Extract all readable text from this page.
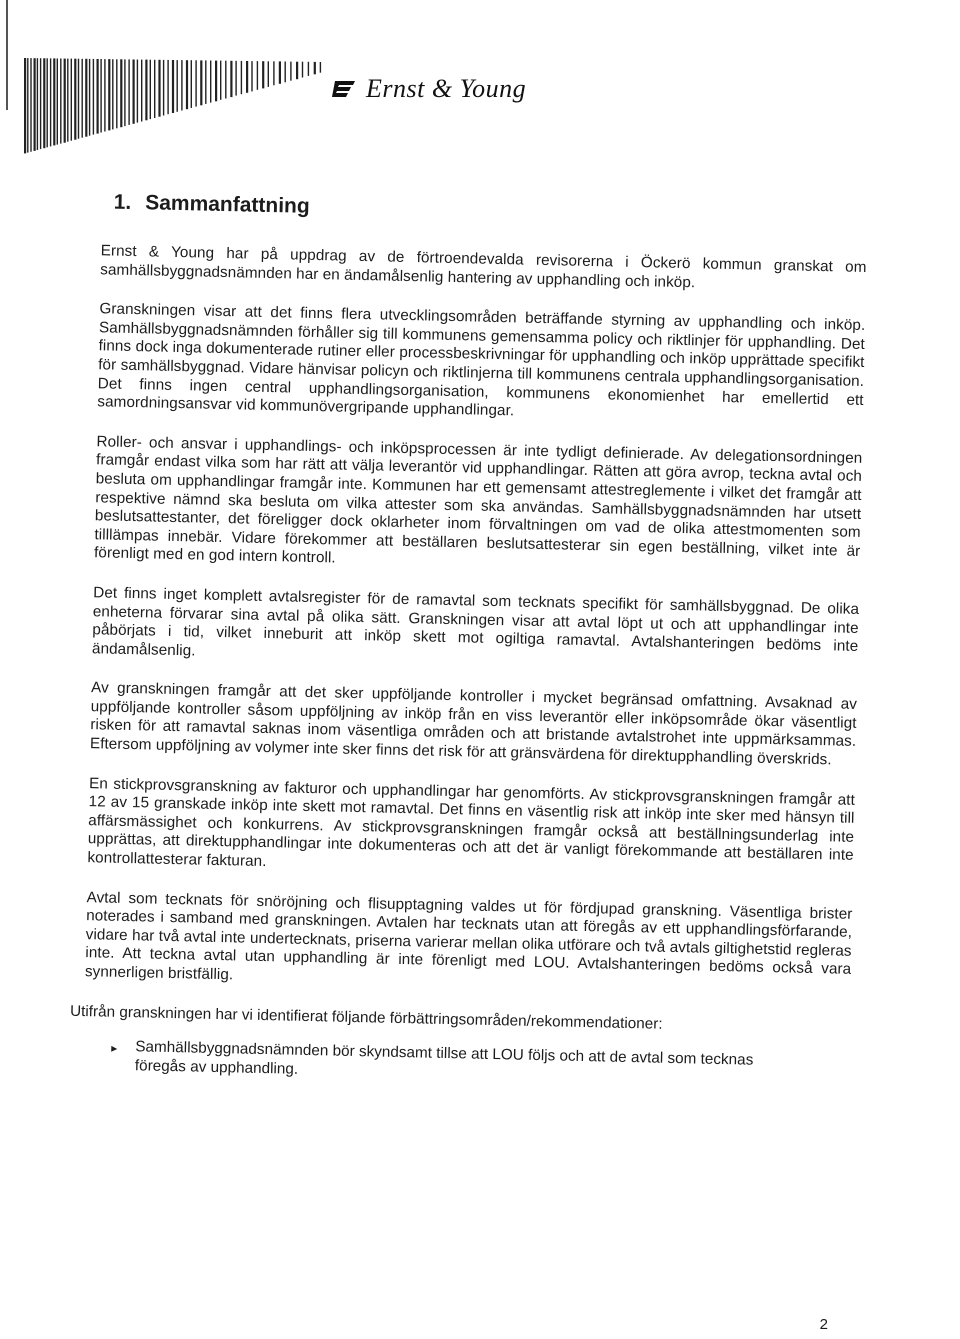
Ernst & Young
1. Sammanfattning

Ernst & Young har på uppdrag av de förtroendevalda revisorerna i Öckerö kommun granskat om samhällsbyggnadsnämnden har en ändamålsenlig hantering av upphandling och inköp.

Granskningen visar att det finns flera utvecklingsområden beträffande styrning av upphandling och inköp. Samhällsbyggnadsnämnden förhåller sig till kommunens gemensamma policy och riktlinjer för upphandling. Det finns dock inga dokumenterade rutiner eller processbeskrivningar för upphandling och inköp upprättade specifikt för samhällsbyggnad. Vidare hänvisar policyn och riktlinjerna till kommunens centrala upphandlingsorganisation. Det finns ingen central upphandlingsorganisation, kommunens ekonomienhet har emellertid ett samordningsansvar vid kommunövergripande upphandlingar.

Roller- och ansvar i upphandlings- och inköpsprocessen är inte tydligt definierade. Av delegationsordningen framgår endast vilka som har rätt att välja leverantör vid upphandlingar. Rätten att göra avrop, teckna avtal och besluta om upphandlingar framgår inte. Kommunen har ett gemensamt attestreglemente i vilket det framgår att respektive nämnd ska besluta om vilka attester som ska användas. Samhällsbyggnadsnämnden har utsett beslutsattestanter, det föreligger dock oklarheter inom förvaltningen om vad de olika attestmomenten som tilllämpas innebär. Vidare förekommer att beställaren beslutsattesterar sin egen beställning, vilket inte är förenligt med en god intern kontroll.

Det finns inget komplett avtalsregister för de ramavtal som tecknats specifikt för samhällsbyggnad. De olika enheterna förvarar sina avtal på olika sätt. Granskningen visar att avtal löpt ut och att upphandlingar inte påbörjats i tid, vilket inneburit att inköp skett mot ogiltiga ramavtal. Avtalshanteringen bedöms inte ändamålsenlig.

Av granskningen framgår att det sker uppföljande kontroller i mycket begränsad omfattning. Avsaknad av uppföljande kontroller såsom uppföljning av inköp från en viss leverantör eller inköpsområde ökar väsentligt risken för att ramavtal saknas inom väsentliga områden och att bristande avtalstrohet inte uppmärksammas. Eftersom uppföljning av volymer inte sker finns det risk för att gränsvärdena för direktupphandling överskrids.

En stickprovsgranskning av fakturor och upphandlingar har genomförts. Av stickprovsgranskningen framgår att 12 av 15 granskade inköp inte skett mot ramavtal. Det finns en väsentlig risk att inköp inte sker med hänsyn till affärsmässighet och konkurrens. Av stickprovsgranskningen framgår också att beställningsunderlag inte upprättas, att direktupphandlingar inte dokumenteras och att det är vanligt förekommande att beställaren inte kontrollattesterar fakturan.

Avtal som tecknats för snöröjning och flisupptagning valdes ut för fördjupad granskning. Väsentliga brister noterades i samband med granskningen. Avtalen har tecknats utan att föregås av ett upphandlingsförfarande, vidare har två avtal inte undertecknats, priserna varierar mellan olika utförare och två avtals giltighetstid regleras inte. Att teckna avtal utan upphandling är inte förenligt med LOU. Avtalshanteringen bedöms också vara synnerligen bristfällig.

Utifrån granskningen har vi identifierat följande förbättringsområden/rekommendationer:

►	Samhällsbyggnadsnämnden bör skyndsamt tillse att LOU följs och att de avtal som tecknas föregås av upphandling.
2
